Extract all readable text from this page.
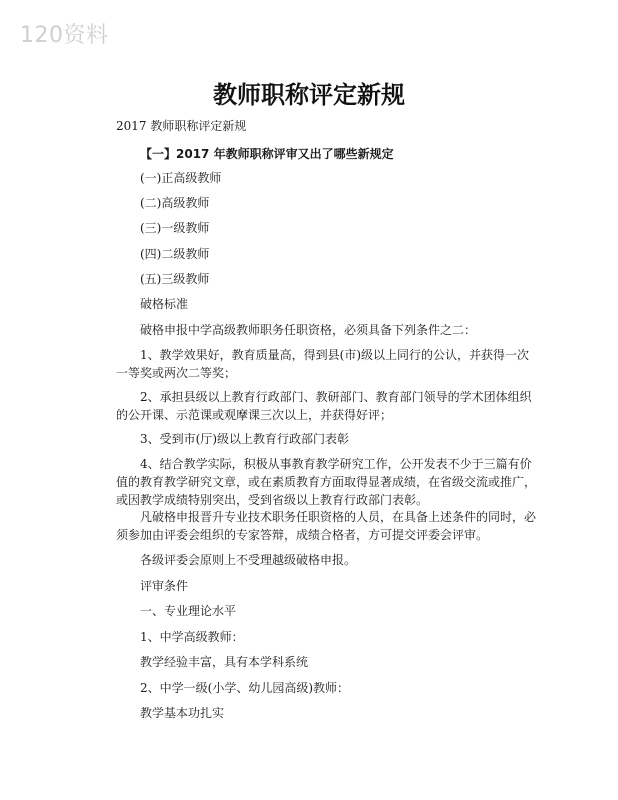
120资料
教师职称评定新规

2017 教师职称评定新规

【一】2017 年教师职称评审又出了哪些新规定

(一)正高级教师

(二)高级教师

(三)一级教师

(四)二级教师

(五)三级教师

破格标准

破格申报中学高级教师职务任职资格，必须具备下列条件之二：

1、教学效果好，教育质量高，得到县(市)级以上同行的公认，并获得一次一等奖或两次二等奖；

2、承担县级以上教育行政部门、教研部门、教育部门领导的学术团体组织的公开课、示范课或观摩课三次以上，并获得好评；

3、受到市(厅)级以上教育行政部门表彰

4、结合教学实际，积极从事教育教学研究工作，公开发表不少于三篇有价值的教育教学研究文章，或在素质教育方面取得显著成绩，在省级交流或推广，或因教学成绩特别突出，受到省级以上教育行政部门表彰。

凡破格申报晋升专业技术职务任职资格的人员，在具备上述条件的同时，必须参加由评委会组织的专家答辩，成绩合格者，方可提交评委会评审。

各级评委会原则上不受理越级破格申报。

评审条件

一、专业理论水平

1、中学高级教师：

教学经验丰富，具有本学科系统

2、中学一级(小学、幼儿园高级)教师：

教学基本功扎实
